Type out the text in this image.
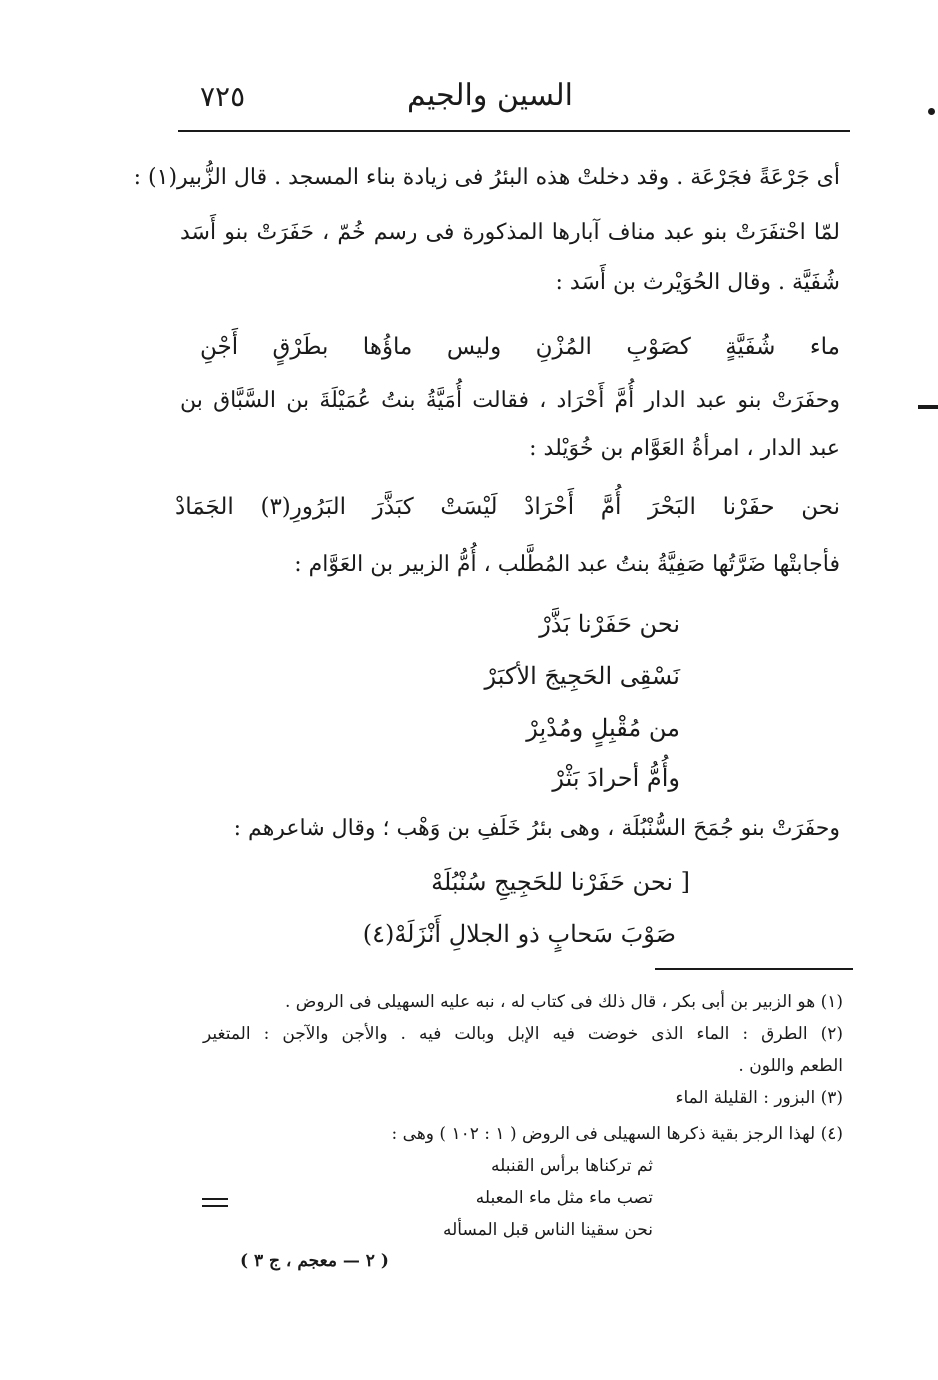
السين والجيم
٧٢٥
أى جَرْعَةً فجَرْعَة . وقد دخلتْ هذه البئرُ فى زيادة بناء المسجد . قال الزُّبير(١) :
لمّا احْتفَرَتْ بنو عبد مناف آبارها المذكورة فى رسم خُمّ ، حَفَرَتْ بنو أَسَد
شُفَيَّة . وقال الحُوَيْرث بن أَسَد :
ماء شُفَيَّةٍ كصَوْبِ المُزْنِ وليس ماؤُها بطَرْقٍ أَجْنِ
وحفَرَتْ بنو عبد الدار أُمَّ أَحْرَاد ، فقالت أُمَيَّةُ بنتُ عُمَيْلَةَ بن السَّبَّاق بن
عبد الدار ، امرأةُ العَوَّام بن خُوَيْلد :
نحن حفَرْنا البَحْرَ أُمَّ أَحْرَادْ لَيْسَتْ كبَذَّرَ البَرُورِ(٣) الجَمَادْ
فأجابتْها ضَرَّتُها صَفِيَّةُ بنتُ عبد المُطَّلب ، أُمُّ الزبير بن العَوَّام :
نحن حَفَرْنا بَذَّرْ
نَسْقِى الحَجِيجَ الأكبَرْ
من مُقْبِلٍ ومُدْبِرْ
وأُمُّ أحرادَ بَثْرْ
وحفَرَتْ بنو جُمَحَ السُّنْبُلَة ، وهى بئرُ خَلَفِ بن وَهْب ؛ وقال شاعرهم :
[ نحن حَفَرْنا للحَجِيجِ سُنْبُلَهْ
صَوْبَ سَحابٍ ذو الجلالِ أَنْزَلَهْ(٤)
(١) هو الزبير بن أبى بكر ، قال ذلك فى كتاب له ، نبه عليه السهيلى فى الروض .
(٢) الطرق : الماء الذى خوضت فيه الإبل وبالت فيه . والأجن والآجن : المتغير
الطعم واللون .
(٣) البزور : القليلة الماء
(٤) لهذا الرجز بقية ذكرها السهيلى فى الروض ( ١ : ١٠٢ ) وهى :
ثم تركناها برأس القنبله
تصب ماء مثل ماء المعبله
نحن سقينا الناس قبل المسأله
( ٢ — معجم ، ج ٣ )
